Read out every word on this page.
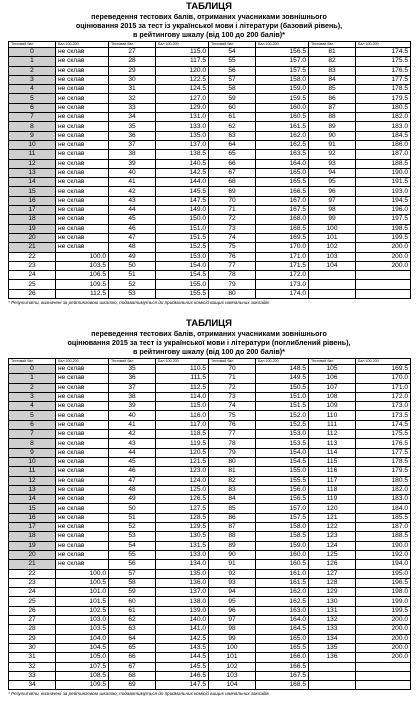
ТАБЛИЦЯ
переведення тестових балів, отриманих учасниками зовнішнього
оцінювання 2015 за тест із української мови і літератури (базовий рівень),
в рейтингову шкалу (від 100 до 200 балів)*
Тестовий бал	Бал 100-200	Тестовий бал	Бал 100-200	Тестовий бал	Бал 100-200	Тестовий бал	Бал 100-200
0	не склав	27	115.0	54	156.5	81	174.5
1	не склав	28	117.5	55	157.0	82	175.5
2	не склав	29	120.0	56	157.5	83	176.5
3	не склав	30	122.5	57	158.0	84	177.5
4	не склав	31	124.5	58	159.0	85	178.5
5	не склав	32	127.0	59	159.5	86	179.5
6	не склав	33	129.0	60	160.0	87	180.5
7	не склав	34	131.0	61	160.5	88	182.0
8	не склав	35	133.0	62	161.5	89	183.0
9	не склав	36	135.0	63	162.0	90	184.5
10	не склав	37	137.0	64	162.5	91	186.0
11	не склав	38	138.5	65	163.5	92	187.0
12	не склав	39	140.5	66	164.0	93	188.5
13	не склав	40	142.5	67	165.0	94	190.0
14	не склав	41	144.0	68	165.5	95	191.5
15	не склав	42	145.5	69	166.5	96	193.0
16	не склав	43	147.5	70	167.0	97	194.5
17	не склав	44	149.0	71	167.5	98	196.0
18	не склав	45	150.0	72	168.0	99	197.5
19	не склав	46	151.0	73	168.5	100	198.5
20	не склав	47	151.5	74	169.5	101	199.5
21	не склав	48	152.5	75	170.0	102	200.0
22	100.0	49	153.0	76	171.0	103	200.0
23	103.5	50	154.0	77	171.5	104	200.0
24	106.5	51	154.5	78	172.0		
25	109.5	52	155.0	79	173.0		
26	112.5	53	155.5	80	174.0		
* Результати, визначені за рейтинговою шкалою, подаватимуться до приймальних комісій вищих навчальних закладів
ТАБЛИЦЯ
переведення тестових балів, отриманих учасниками зовнішнього
оцінювання 2015 за тест із української мови і літератури (поглиблений рівень),
в рейтингову шкалу (від 100 до 200 балів)*
Тестовий бал	Бал 100-200	Тестовий бал	Бал 100-200	Тестовий бал	Бал 100-200	Тестовий бал	Бал 100-200
0	не склав	35	110.5	70	148.5	105	169.5
1	не склав	36	111.5	71	149.5	106	170.0
2	не склав	37	112.5	72	150.5	107	171.0
3	не склав	38	114.0	73	151.0	108	172.0
4	не склав	39	115.0	74	151.5	109	173.0
5	не склав	40	116.0	75	152.0	110	173.5
6	не склав	41	117.0	76	152.5	111	174.5
7	не склав	42	118.5	77	153.0	112	175.5
8	не склав	43	119.5	78	153.5	113	176.5
9	не склав	44	120.5	79	154.0	114	177.5
10	не склав	45	121.5	80	154.5	115	178.5
11	не склав	46	123.0	81	155.0	116	179.5
12	не склав	47	124.0	82	155.5	117	180.5
13	не склав	48	125.0	83	156.0	118	182.0
14	не склав	49	126.5	84	156.5	119	183.0
15	не склав	50	127.5	85	157.0	120	184.0
16	не склав	51	128.5	86	157.5	121	185.5
17	не склав	52	129.5	87	158.0	122	187.0
18	не склав	53	130.5	88	158.5	123	188.5
19	не склав	54	131.5	89	159.0	124	190.0
20	не склав	55	133.0	90	160.0	125	192.0
21	не склав	56	134.0	91	160.5	126	194.0
22	100.0	57	135.0	92	161.0	127	195.0
23	100.5	58	136.0	93	161.5	128	196.5
24	101.0	59	137.0	94	162.0	129	198.0
25	101.5	60	138.0	95	162.5	130	199.0
26	102.5	61	139.0	96	163.0	131	199.5
27	103.0	62	140.0	97	164.0	132	200.0
28	103.5	63	141.0	98	164.5	133	200.0
29	104.0	64	142.5	99	165.0	134	200.0
30	104.5	65	143.5	100	165.5	135	200.0
31	105.0	66	144.5	101	166.0	136	200.0
32	107.5	67	145.5	102	166.5		
33	108.5	68	146.5	103	167.5		
34	109.5	69	147.5	104	168.5		
* Результати, визначені за рейтинговою шкалою, подаватимуться до приймальних комісій вищих навчальних закладів
